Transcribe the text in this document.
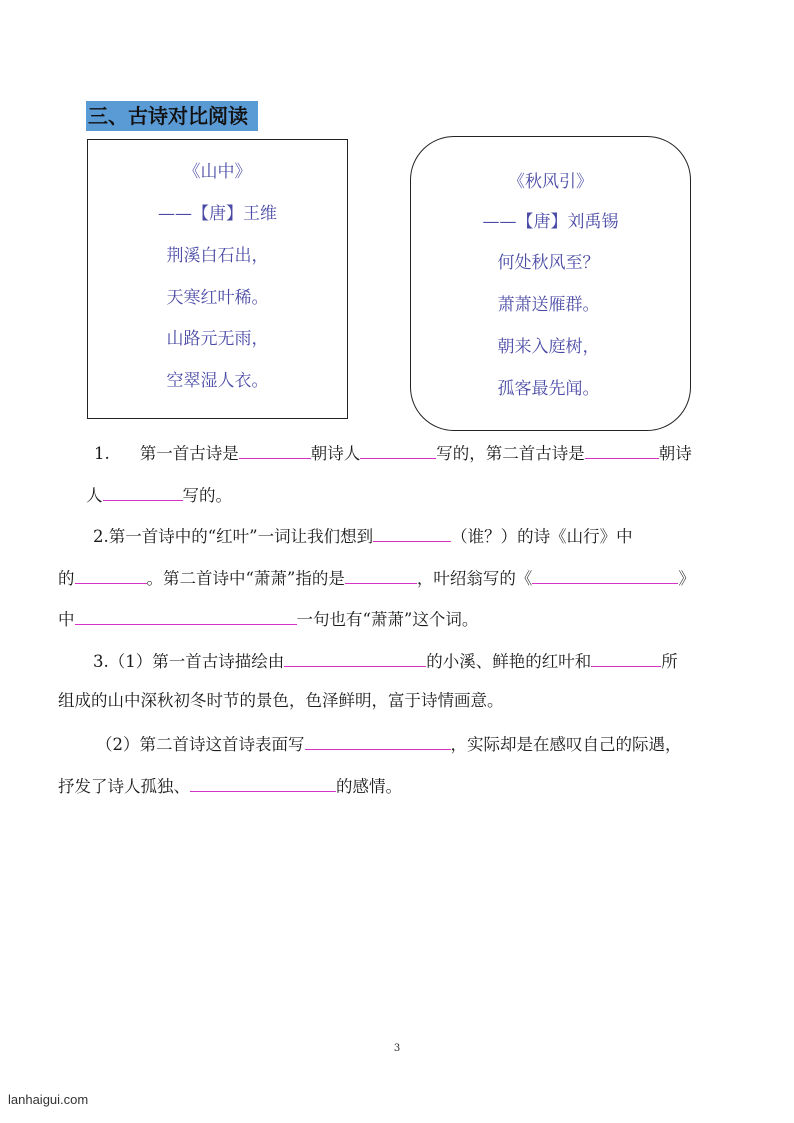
三、古诗对比阅读
《山中》
——【唐】王维
荆溪白石出，
天寒红叶稀。
山路元无雨，
空翠湿人衣。
《秋风引》
——【唐】刘禹锡
何处秋风至？
萧萧送雁群。
朝来入庭树，
孤客最先闻。
1. 第一首古诗是	朝诗人	写的，第二首古诗是	朝诗
人	写的。
2.第一首诗中的“红叶”一词让我们想到	（谁？）的诗《山行》中
的	。第二首诗中“萧萧”指的是	，叶绍翁写的《	》
中	一句也有“萧萧”这个词。
3.（1）第一首古诗描绘由	的小溪、鲜艳的红叶和	所
组成的山中深秋初冬时节的景色，色泽鲜明，富于诗情画意。
（2）第二首诗这首诗表面写	，实际却是在感叹自己的际遇，
抒发了诗人孤独、	的感情。
3
lanhaigui.com
